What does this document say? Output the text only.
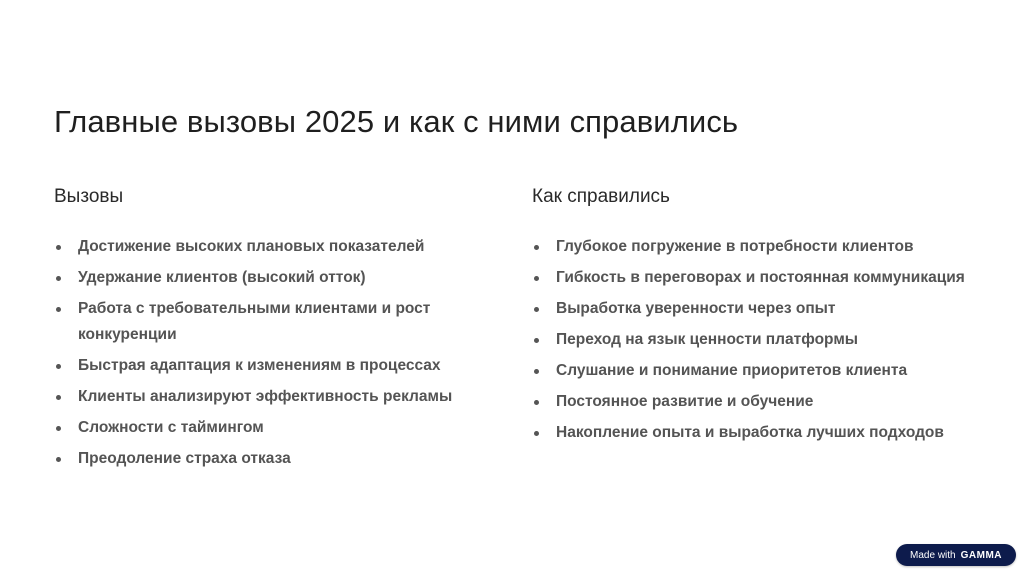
Главные вызовы 2025 и как с ними справились
Вызовы
Достижение высоких плановых показателей
Удержание клиентов (высокий отток)
Работа с требовательными клиентами и рост конкуренции
Быстрая адаптация к изменениям в процессах
Клиенты анализируют эффективность рекламы
Сложности с таймингом
Преодоление страха отказа
Как справились
Глубокое погружение в потребности клиентов
Гибкость в переговорах и постоянная коммуникация
Выработка уверенности через опыт
Переход на язык ценности платформы
Слушание и понимание приоритетов клиента
Постоянное развитие и обучение
Накопление опыта и выработка лучших подходов
Made with GAMMA
